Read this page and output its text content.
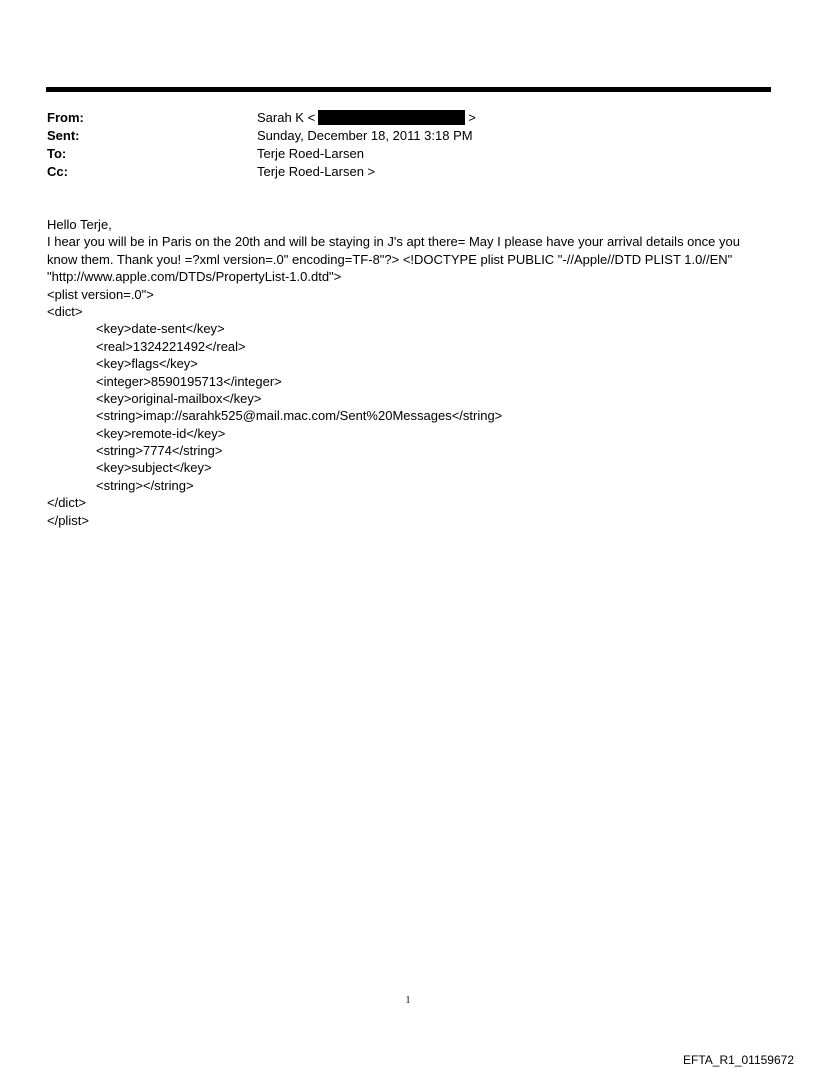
From:	Sarah K <	>
Sent:	Sunday, December 18, 2011 3:18 PM
To:	Terje Roed-Larsen
Cc:	Terje Roed-Larsen >
Hello Terje,
I hear you will be in Paris on the 20th and will be staying in J's apt there= May I please have your arrival details once you
know them. Thank you! =?xml version=.0" encoding=TF-8"?> <!DOCTYPE plist PUBLIC "-//Apple//DTD PLIST 1.0//EN"
"http://www.apple.com/DTDs/PropertyList-1.0.dtd">
<plist version=.0">
<dict>
<key>date-sent</key>
<real>1324221492</real>
<key>flags</key>
<integer>8590195713</integer>
<key>original-mailbox</key>
<string>imap://sarahk525@mail.mac.com/Sent%20Messages</string>
<key>remote-id</key>
<string>7774</string>
<key>subject</key>
<string></string>
</dict>
</plist>
1
EFTA_R1_01159672
